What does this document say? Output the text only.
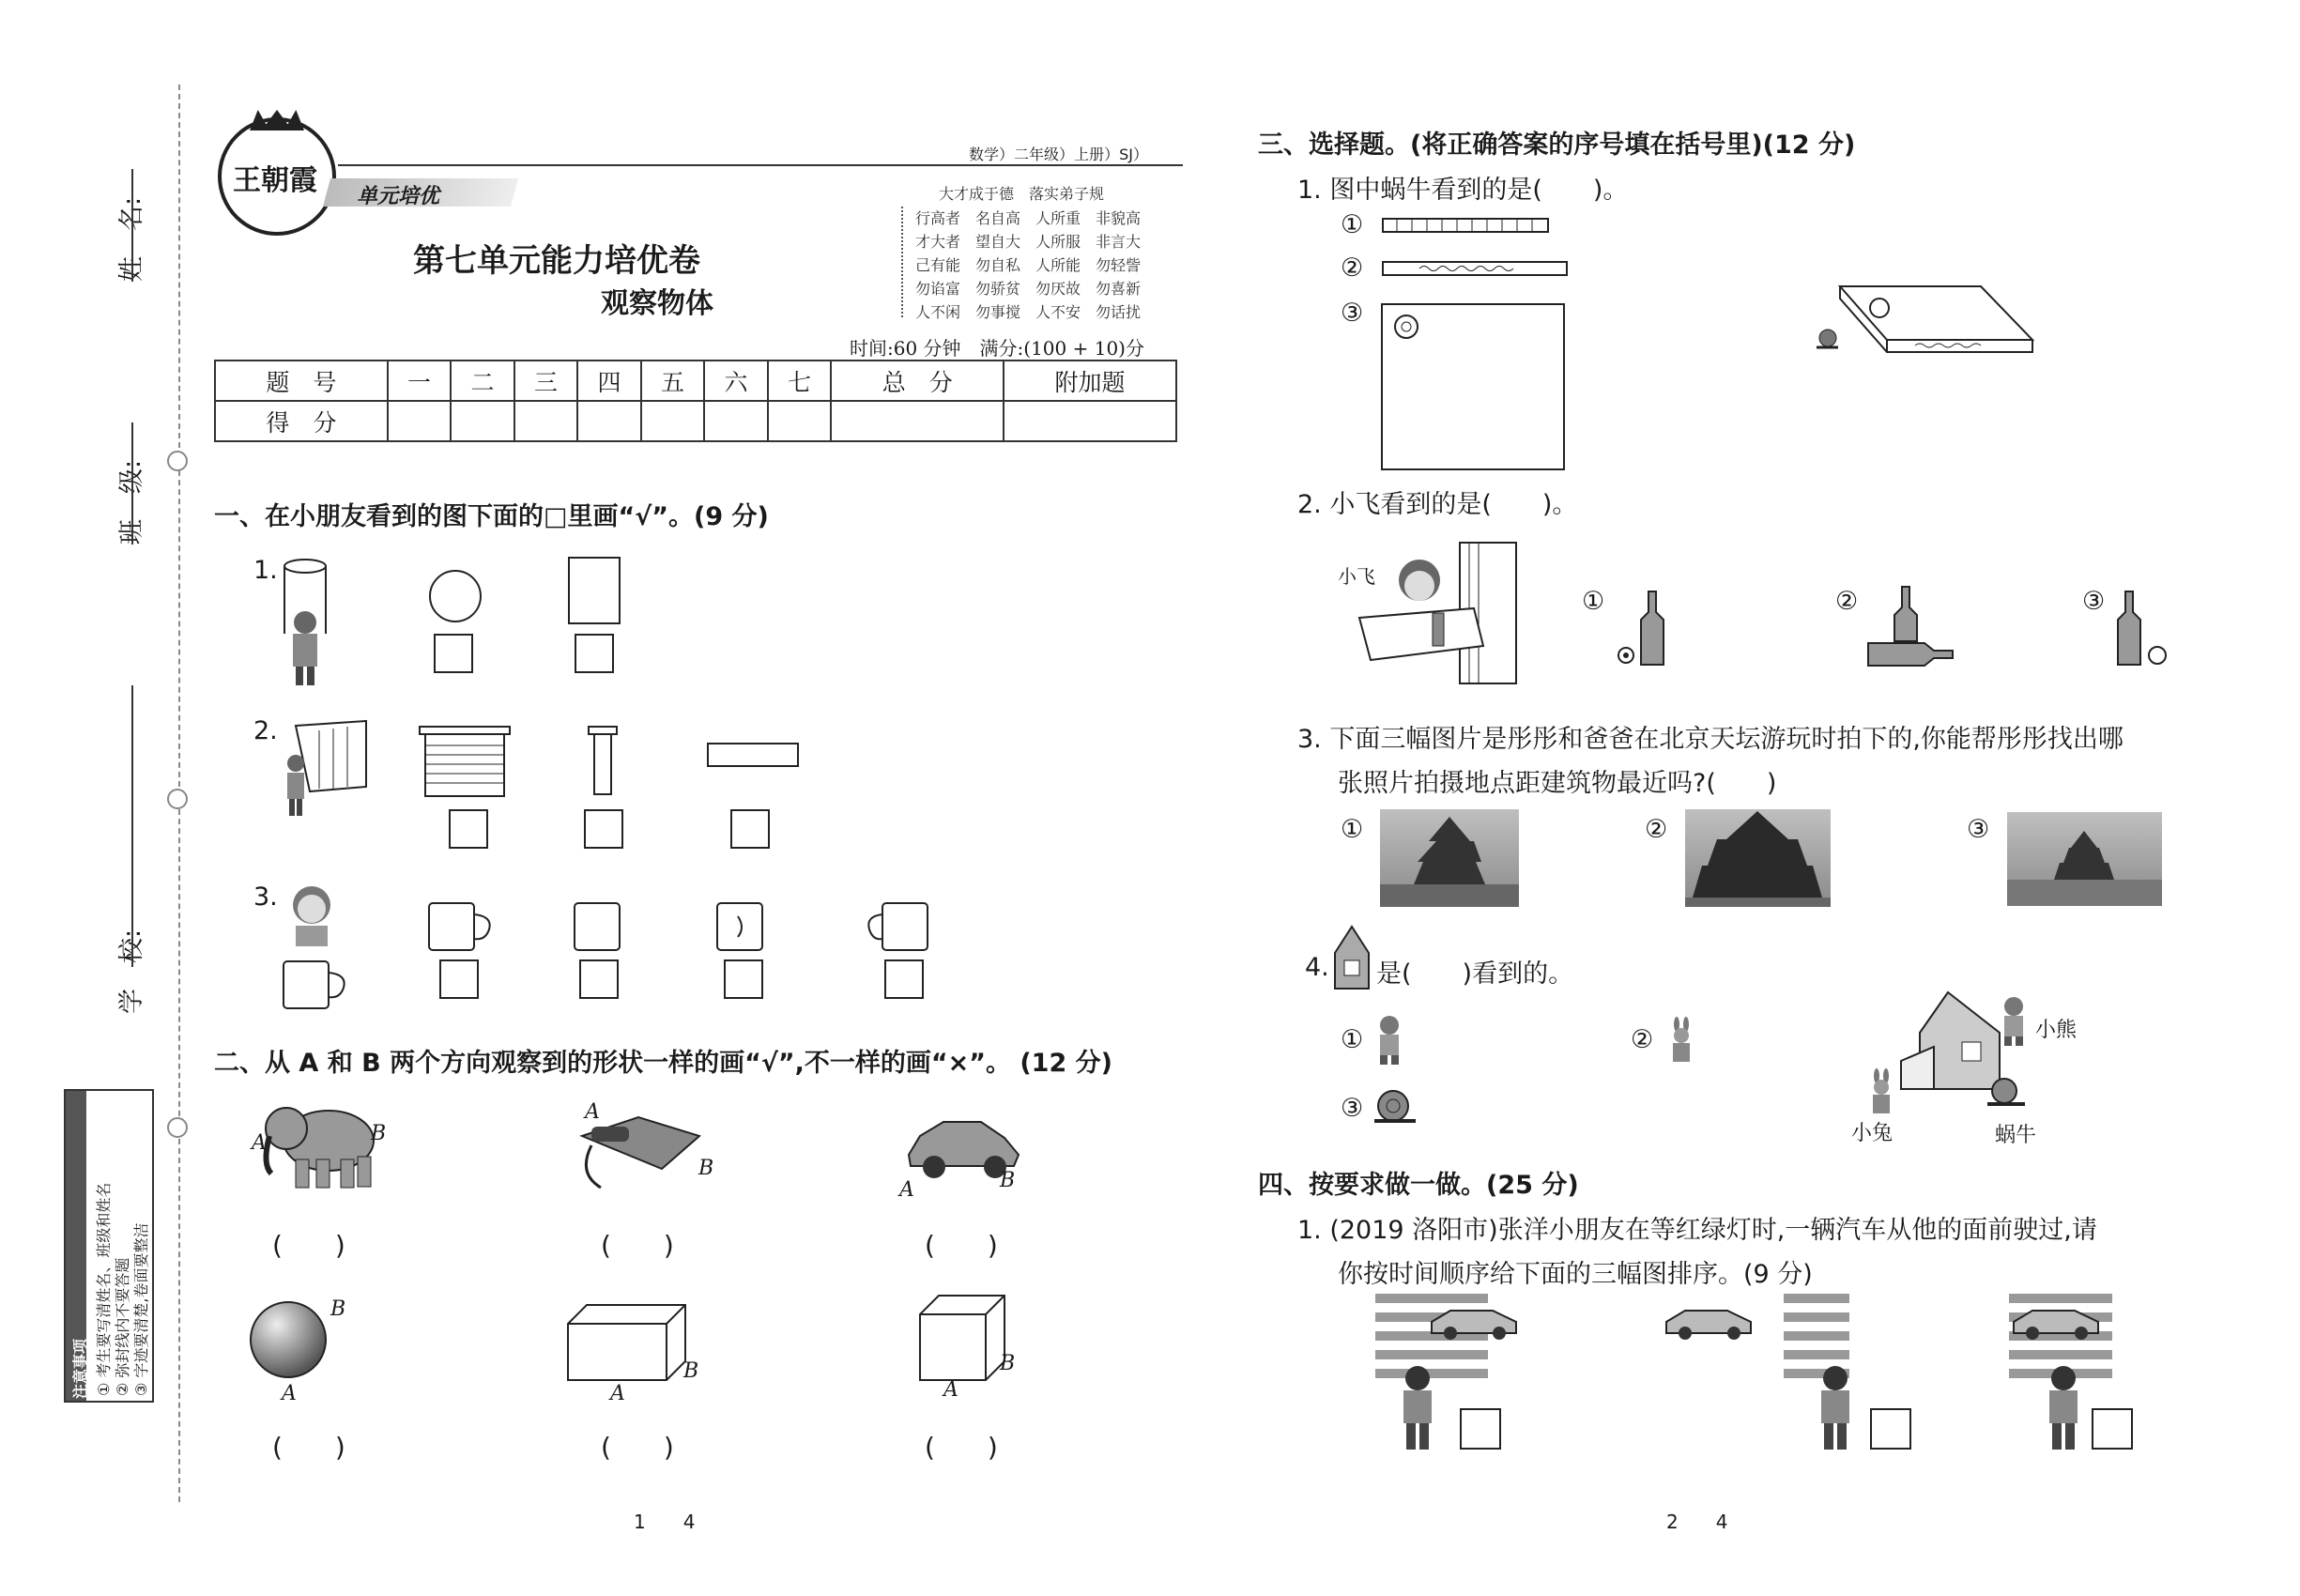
姓　名:
班　级:
学　校:
注意事项 ① 考生要写清姓名、班级和姓名 ② 弥封线内不要答题 ③ 字迹要清楚,卷面要整洁
王朝霞 单元培优
数学）二年级）上册）SJ）
第七单元能力培优卷
观察物体
大才成于德　落实弟子规
行高者　名自高　人所重　非貌高
才大者　望自大　人所服　非言大
己有能　勿自私　人所能　勿轻訾
勿谄富　勿骄贫　勿厌故　勿喜新
人不闲　勿事搅　人不安　勿话扰
时间:60 分钟　满分:(100 + 10)分
题　号	一	二	三	四	五	六	七	总　分	附加题
得　分									
一、在小朋友看到的图下面的□里画“√”。(9 分)
1.
2.
3.
二、从 A 和 B 两个方向观察到的形状一样的画“√”,不一样的画“×”。 (12 分)
A	B
(　　)
A
B
(　　)
A	B
(　　)
A
B
(　　)
A
B
(　　)
A
B
(　　)
三、选择题。(将正确答案的序号填在括号里)(12 分)
1. 图中蜗牛看到的是(　　)。
①
②
③
2. 小飞看到的是(　　)。
小飞
①	②	③
3. 下面三幅图片是彤彤和爸爸在北京天坛游玩时拍下的,你能帮彤彤找出哪
张照片拍摄地点距建筑物最近吗?(　　)
①	②	③
4. 是(　　)看到的。
①	②
③
小熊
小兔	蜗牛
四、按要求做一做。(25 分)
1. (2019 洛阳市)张洋小朋友在等红绿灯时,一辆汽车从他的面前驶过,请
你按时间顺序给下面的三幅图排序。(9 分)
1　　4	2　　4
